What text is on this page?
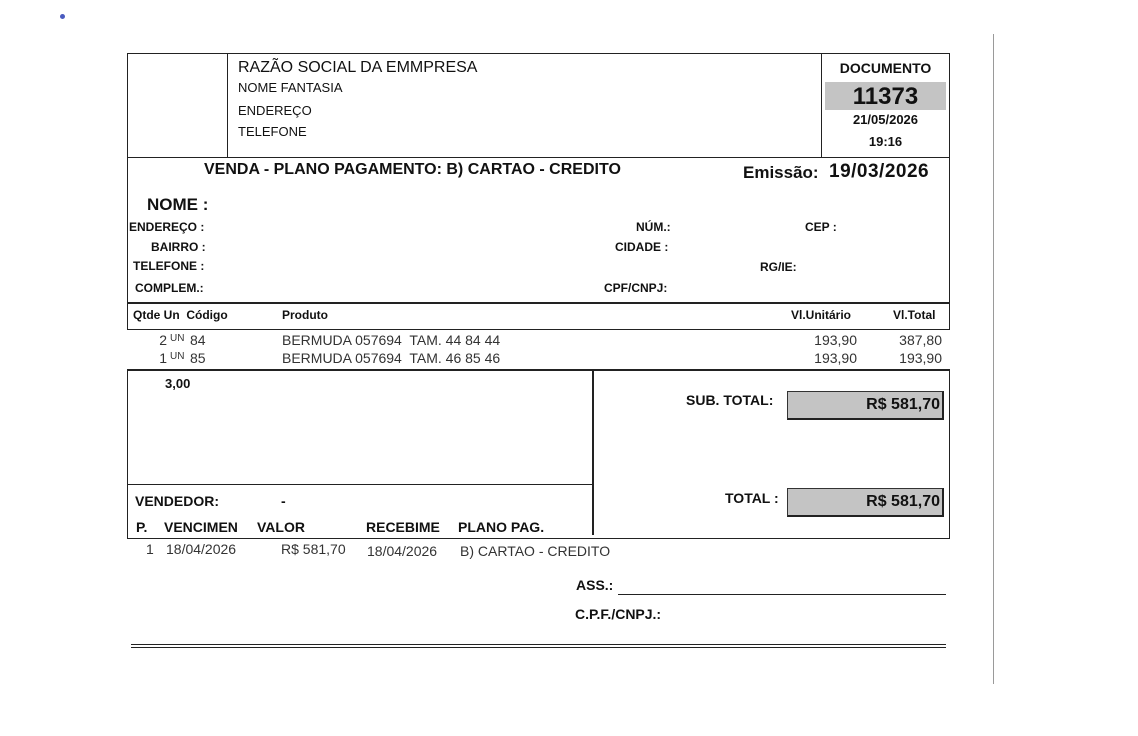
RAZÃO SOCIAL DA EMMPRESA
NOME FANTASIA
ENDEREÇO
TELEFONE
DOCUMENTO
11373
21/05/2026
19:16
VENDA - PLANO PAGAMENTO: B) CARTAO - CREDITO	Emissão: 19/03/2026
NOME :
ENDEREÇO :
BAIRRO :
TELEFONE :
COMPLEM.:
NÚM.:
CIDADE :
CPF/CNPJ:
CEP :
RG/IE:
Qtde Un  Código	Produto	Vl.Unitário	Vl.Total
2 UN 84	BERMUDA 057694  TAM. 44 84 44	193,90	387,80
1 UN 85	BERMUDA 057694  TAM. 46 85 46	193,90	193,90
3,00
VENDEDOR:	-
SUB. TOTAL:	R$ 581,70
TOTAL :	R$ 581,70
P. VENCIMEN VALOR	RECEBIME PLANO PAG.
1 18/04/2026	R$ 581,70 18/04/2026 B) CARTAO - CREDITO
ASS.:
C.P.F./CNPJ.:
